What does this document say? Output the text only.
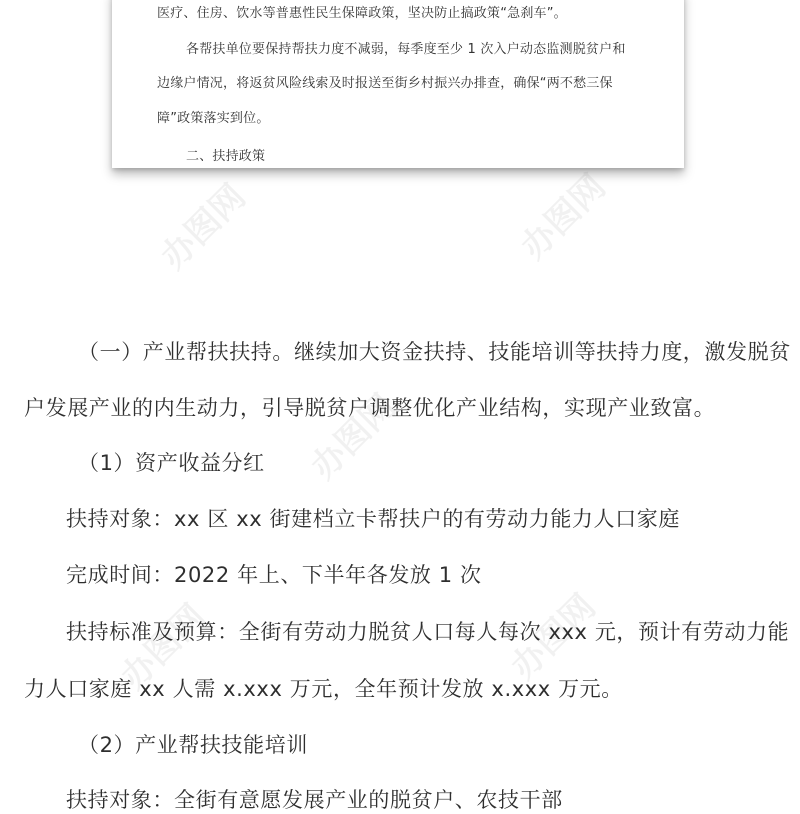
医疗、住房、饮水等普惠性民生保障政策，坚决防止搞政策“急刹车”。
各帮扶单位要保持帮扶力度不减弱，每季度至少 1 次入户动态监测脱贫户和
边缘户情况，将返贫风险线索及时报送至街乡村振兴办排查，确保“两不愁三保
障”政策落实到位。
二、扶持政策
（一）产业帮扶扶持。继续加大资金扶持、技能培训等扶持力度，激发脱贫
户发展产业的内生动力，引导脱贫户调整优化产业结构，实现产业致富。
（1）资产收益分红
扶持对象：xx 区 xx 街建档立卡帮扶户的有劳动力能力人口家庭
完成时间：2022 年上、下半年各发放 1 次
扶持标准及预算：全街有劳动力脱贫人口每人每次 xxx 元，预计有劳动力能
力人口家庭 xx 人需 x.xxx 万元，全年预计发放 x.xxx 万元。
（2）产业帮扶技能培训
扶持对象：全街有意愿发展产业的脱贫户、农技干部
办图网	办图网
办图网
办图网	办图网
